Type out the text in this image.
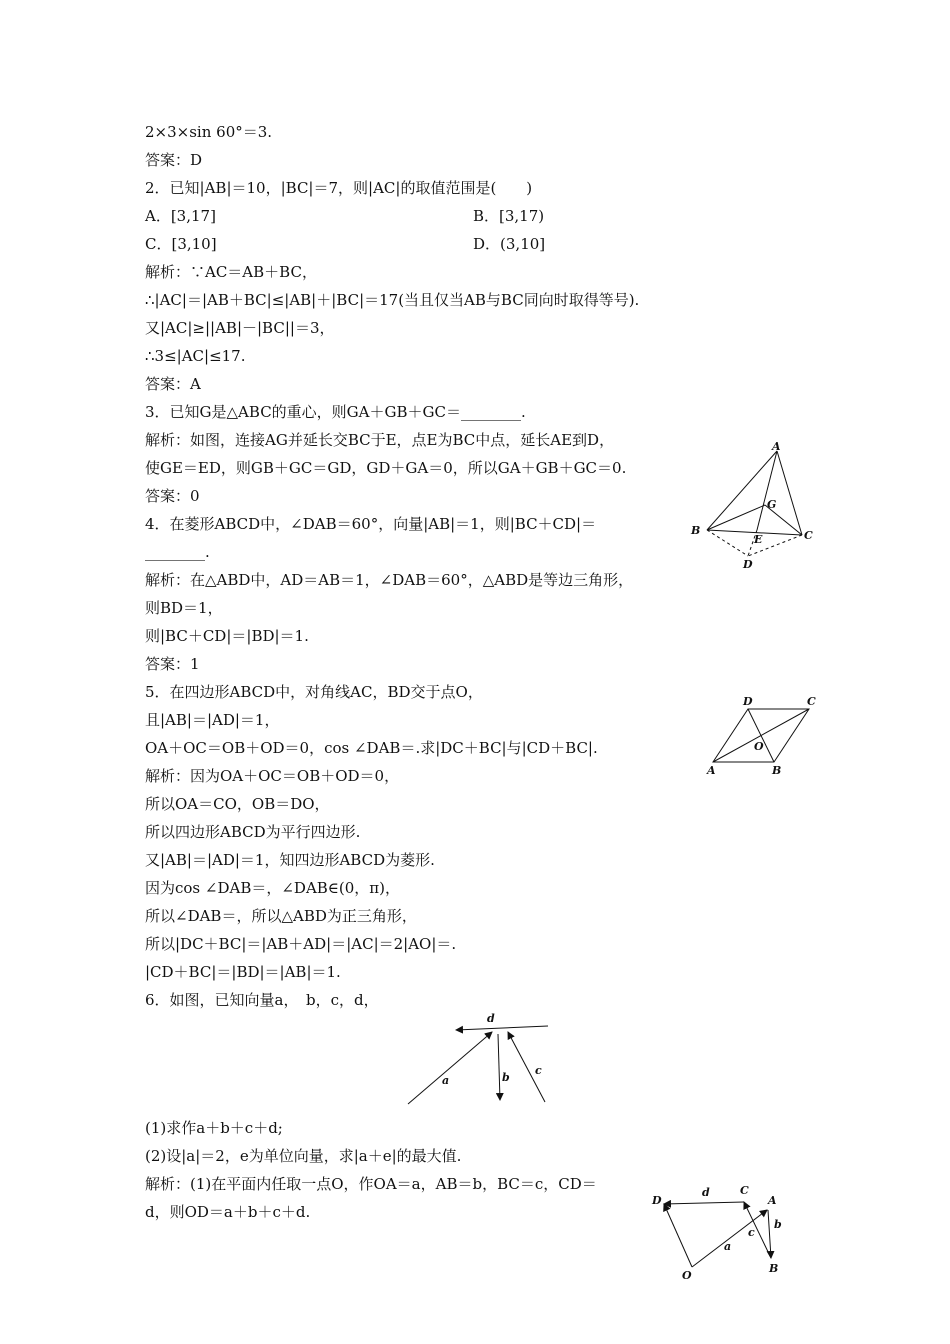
2×3×sin 60°＝3.
答案：D
2．已知|AB|＝10，|BC|＝7，则|AC|的取值范围是(　　)
A．[3,17]	B．[3,17)
C．[3,10]	D．(3,10]
解析：∵AC＝AB＋BC，
∴|AC|＝|AB＋BC|≤|AB|＋|BC|＝17(当且仅当AB与BC同向时取得等号).
又|AC|≥||AB|－|BC||＝3，
∴3≤|AC|≤17.
答案：A
3．已知G是△ABC的重心，则GA＋GB＋GC＝________.
解析：如图，连接AG并延长交BC于E，点E为BC中点，延长AE到D，
使GE＝ED，则GB＋GC＝GD，GD＋GA＝0，所以GA＋GB＋GC＝0.
答案：0
4．在菱形ABCD中，∠DAB＝60°，向量|AB|＝1，则|BC＋CD|＝
________.
解析：在△ABD中，AD＝AB＝1，∠DAB＝60°，△ABD是等边三角形，
则BD＝1，
则|BC＋CD|＝|BD|＝1.
答案：1
5．在四边形ABCD中，对角线AC，BD交于点O，
且|AB|＝|AD|＝1，
OA＋OC＝OB＋OD＝0，cos ∠DAB＝.求|DC＋BC|与|CD＋BC|.
解析：因为OA＋OC＝OB＋OD＝0，
所以OA＝CO，OB＝DO，
所以四边形ABCD为平行四边形.
又|AB|＝|AD|＝1，知四边形ABCD为菱形.
因为cos ∠DAB＝，∠DAB∈(0，π)，
所以∠DAB＝，所以△ABD为正三角形，
所以|DC＋BC|＝|AB＋AD|＝|AC|＝2|AO|＝.
|CD＋BC|＝|BD|＝|AB|＝1.
6．如图，已知向量a，　b，c，d，
(1)求作a＋b＋c＋d;
(2)设|a|＝2，e为单位向量，求|a＋e|的最大值.
解析：(1)在平面内任取一点O，作OA＝a，AB＝b，BC＝c，CD＝
d，则OD＝a＋b＋c＋d.
A
G
B
E	C
D
D	C
O
A	B
d
a	b
c
D
d	C
A
b
c
a
O
B
